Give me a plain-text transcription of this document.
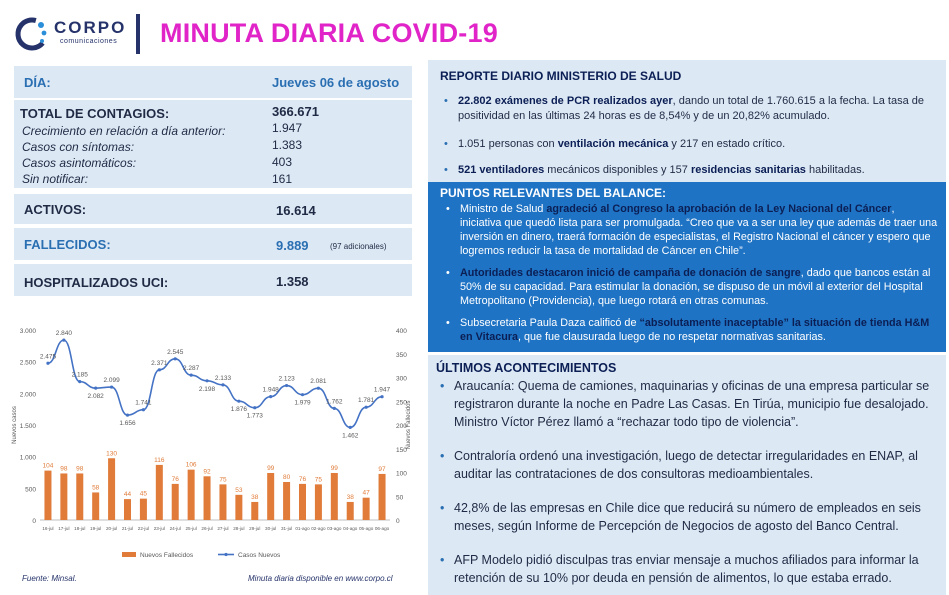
CORPO
comunicaciones MINUTA DIARIA COVID-19
DÍA:	Jueves 06 de agosto
TOTAL DE CONTAGIOS:	366.671
Crecimiento en relación a día anterior:	1.947
Casos con síntomas:	1.383
Casos asintomáticos:	403
Sin notificar:	161
ACTIVOS:	16.614
FALLECIDOS:	9.889	(97 adicionales)
HOSPITALIZADOS UCI:	1.358
3.000
2.500
2.000
1.500
1.000
500
0
400
350
300
250
200
150
100
50
0
Nuevos casos	Nuevos Fallecidos
104
16-jul
98
17-jul
98
18-jul
58
19-jul
130
20-jul
44
21-jul
45
22-jul
116
23-jul
76
24-jul
106
25-jul
92
26-jul
75
27-jul
53
28-jul
38
29-jul
99
30-jul
80
31-jul
76
01-ago
75
02-ago
99
03-ago
38
04-ago
47
05-ago
97
06-ago
2.475
2.840
2.185
2.082
2.099
1.656
1.741
2.371
2.545
2.287
2.198
2.133
1.876
1.773
1.948
2.123
1.979
2.081
1.762
1.462
1.781
1.947
Nuevos Fallecidos	Casos Nuevos
Fuente: Minsal.	Minuta diaria disponible en www.corpo.cl
REPORTE DIARIO MINISTERIO DE SALUD
• 22.802 exámenes de PCR realizados ayer, dando un total de 1.760.615 a la fecha. La tasa de positividad en las últimas 24 horas es de 8,54% y de un 20,82% acumulado.
• 1.051 personas con ventilación mecánica y 217 en estado crítico.
• 521 ventiladores mecánicos disponibles y 157 residencias sanitarias habilitadas.
PUNTOS RELEVANTES DEL BALANCE:
• Ministro de Salud agradeció al Congreso la aprobación de la Ley Nacional del Cáncer, iniciativa que quedó lista para ser promulgada. “Creo que va a ser una ley que además de traer una inversión en dinero, traerá formación de especialistas, el Registro Nacional el cáncer y espero que logremos reducir la tasa de mortalidad de Cáncer en Chile”.
• Autoridades destacaron inició de campaña de donación de sangre, dado que bancos están al 50% de su capacidad. Para estimular la donación, se dispuso de un móvil al exterior del Hospital Metropolitano (Providencia), que luego rotará en otras comunas.
• Subsecretaria Paula Daza calificó de “absolutamente inaceptable” la situación de tienda H&M en Vitacura, que fue clausurada luego de no respetar normativas sanitarias.
ÚLTIMOS ACONTECIMIENTOS
• Araucanía: Quema de camiones, maquinarias y oficinas de una empresa particular se registraron durante la noche en Padre Las Casas. En Tirúa, municipio fue desalojado. Ministro Víctor Pérez llamó a “rechazar todo tipo de violencia”.
• Contraloría ordenó una investigación, luego de detectar irregularidades en ENAP, al auditar las contrataciones de dos consultoras medioambientales.
• 42,8% de las empresas en Chile dice que reducirá su número de empleados en seis meses, según Informe de Percepción de Negocios de agosto del Banco Central.
• AFP Modelo pidió disculpas tras enviar mensaje a muchos afiliados para informar la retención de su 10% por deuda en pensión de alimentos, lo que estaba errado.
